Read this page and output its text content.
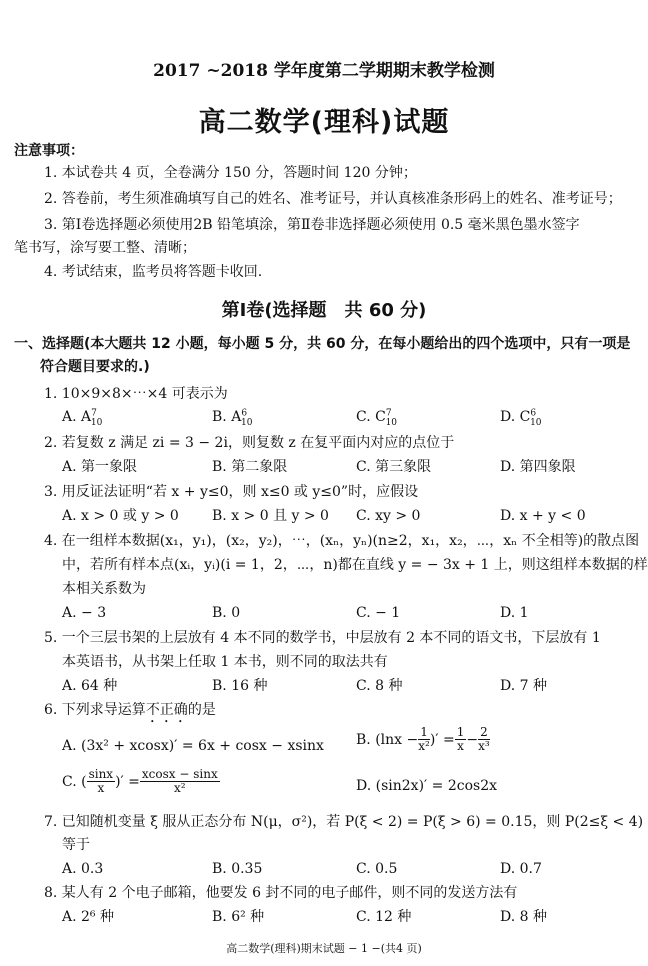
2017 ~2018 学年度第二学期期末教学检测
高二数学(理科)试题
注意事项：
1. 本试卷共 4 页，全卷满分 150 分，答题时间 120 分钟；
2. 答卷前，考生须准确填写自己的姓名、准考证号，并认真核准条形码上的姓名、准考证号；
3. 第Ⅰ卷选择题必须使用2B 铅笔填涂，第Ⅱ卷非选择题必须使用 0.5 毫米黑色墨水签字
笔书写，涂写要工整、清晰；
4. 考试结束，监考员将答题卡收回.
第Ⅰ卷(选择题　共 60 分)
一、选择题(本大题共 12 小题，每小题 5 分，共 60 分，在每小题给出的四个选项中，只有一项是
符合题目要求的.)
1. 10×9×8×⋯×4 可表示为
A. $A^7_{10}$	B. $A^6_{10}$	C. $C^7_{10}$	D. $C^6_{10}$
2. 若复数 z 满足 zi = 3 − 2i，则复数 z 在复平面内对应的点位于
A. 第一象限	B. 第二象限	C. 第三象限	D. 第四象限
3. 用反证法证明“若 x + y≤0，则 x≤0 或 y≤0”时，应假设
A. x > 0 或 y > 0 B. x > 0 且 y > 0 C. xy > 0	D. x + y < 0
4. 在一组样本数据(x₁，y₁)，(x₂，y₂)，⋯，(xₙ，yₙ)(n≥2，x₁，x₂，⋯，xₙ 不全相等)的散点图
中，若所有样本点(xᵢ，yᵢ)(i = 1，2，⋯，n)都在直线 y = − 3x + 1 上，则这组样本数据的样
本相关系数为
A. − 3	B. 0	C. − 1	D. 1
5. 一个三层书架的上层放有 4 本不同的数学书，中层放有 2 本不同的语文书，下层放有 1
本英语书，从书架上任取 1 本书，则不同的取法共有
A. 64 种	B. 16 种	C. 8 种	D. 7 种
6. 下列求导运算不正确的是
A. (3x² + xcosx)′ = 6x + cosx − xsinx B. ($\ln x - \frac{1}{\text{x²}}$ )′ = $\frac{1}{x} - \frac{2}{\text{x³}}$
C. ( $\frac{\sin x}{x}$ )′ = $\frac{xcosx - \sin x}{\text{x²}}$	D. (sin2x)′ = 2cos2x
7. 已知随机变量 ξ 服从正态分布 N(μ，σ²)，若 P(ξ < 2) = P(ξ > 6) = 0.15，则 P(2≤ξ < 4)
等于
A. 0.3	B. 0.35	C. 0.5	D. 0.7
8. 某人有 2 个电子邮箱，他要发 6 封不同的电子邮件，则不同的发送方法有
A. 2⁶ 种	B. 6² 种	C. 12 种	D. 8 种
高二数学(理科)期末试题 − 1 −(共4 页)
